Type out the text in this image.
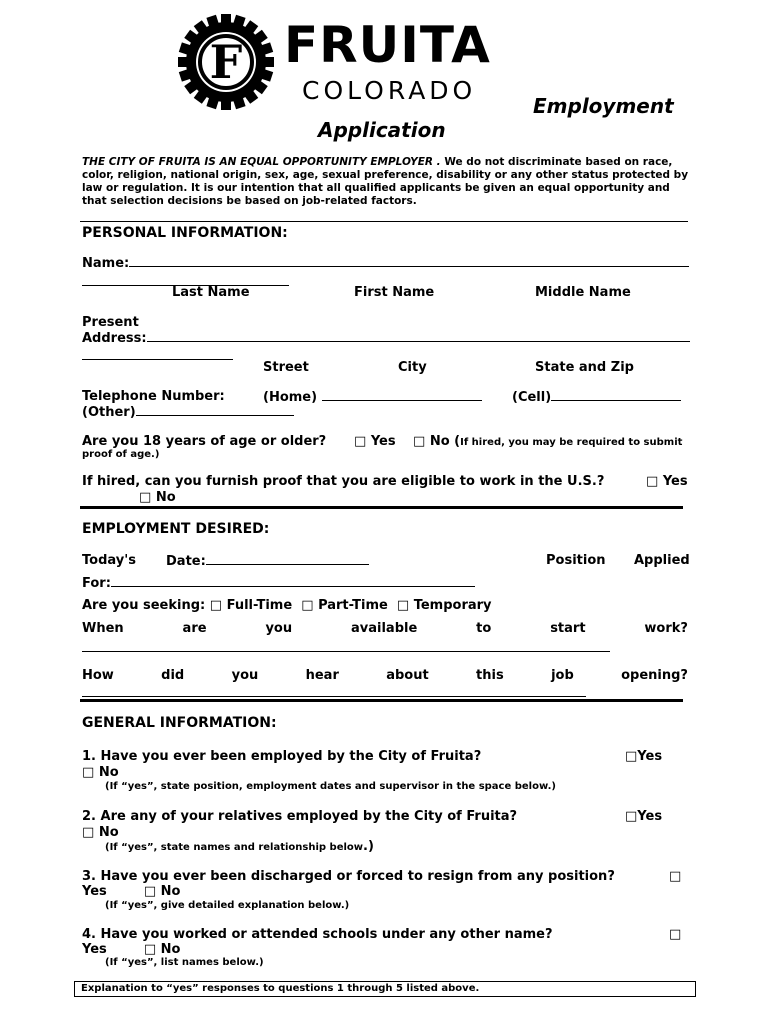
F FRUITA
COLORADO
Employment
Application
THE CITY OF FRUITA IS AN EQUAL OPPORTUNITY EMPLOYER . We do not discriminate based on race, color, religion, national origin, sex, age, sexual preference, disability or any other status protected by law or regulation. It is our intention that all qualified applicants be given an equal opportunity and that selection decisions be based on job-related factors.
PERSONAL INFORMATION:
Name:
Last Name	First Name	Middle Name
Present
Address:
Street	City	State and Zip
Telephone Number:	(Home)	(Cell)
(Other)
Are you 18 years of age or older? □ Yes □ No (If hired, you may be required to submit
proof of age.)
If hired, can you furnish proof that you are eligible to work in the U.S.?	□ Yes
□ No
EMPLOYMENT DESIRED:
Today's Date:	Position Applied
For:
Are you seeking: □ Full-Time □ Part-Time □ Temporary
When	are	you	available	to	start	work?
How	did	you	hear	about	this	job	opening?
GENERAL INFORMATION:
1. Have you ever been employed by the City of Fruita?	□Yes
□ No
(If “yes”, state position, employment dates and supervisor in the space below.)
2. Are any of your relatives employed by the City of Fruita?	□Yes
□ No
(If “yes”, state names and relationship below.)
3. Have you ever been discharged or forced to resign from any position?	□
Yes	□ No
(If “yes”, give detailed explanation below.)
4. Have you worked or attended schools under any other name?	□
Yes	□ No
(If “yes”, list names below.)
Explanation to “yes” responses to questions 1 through 5 listed above.
